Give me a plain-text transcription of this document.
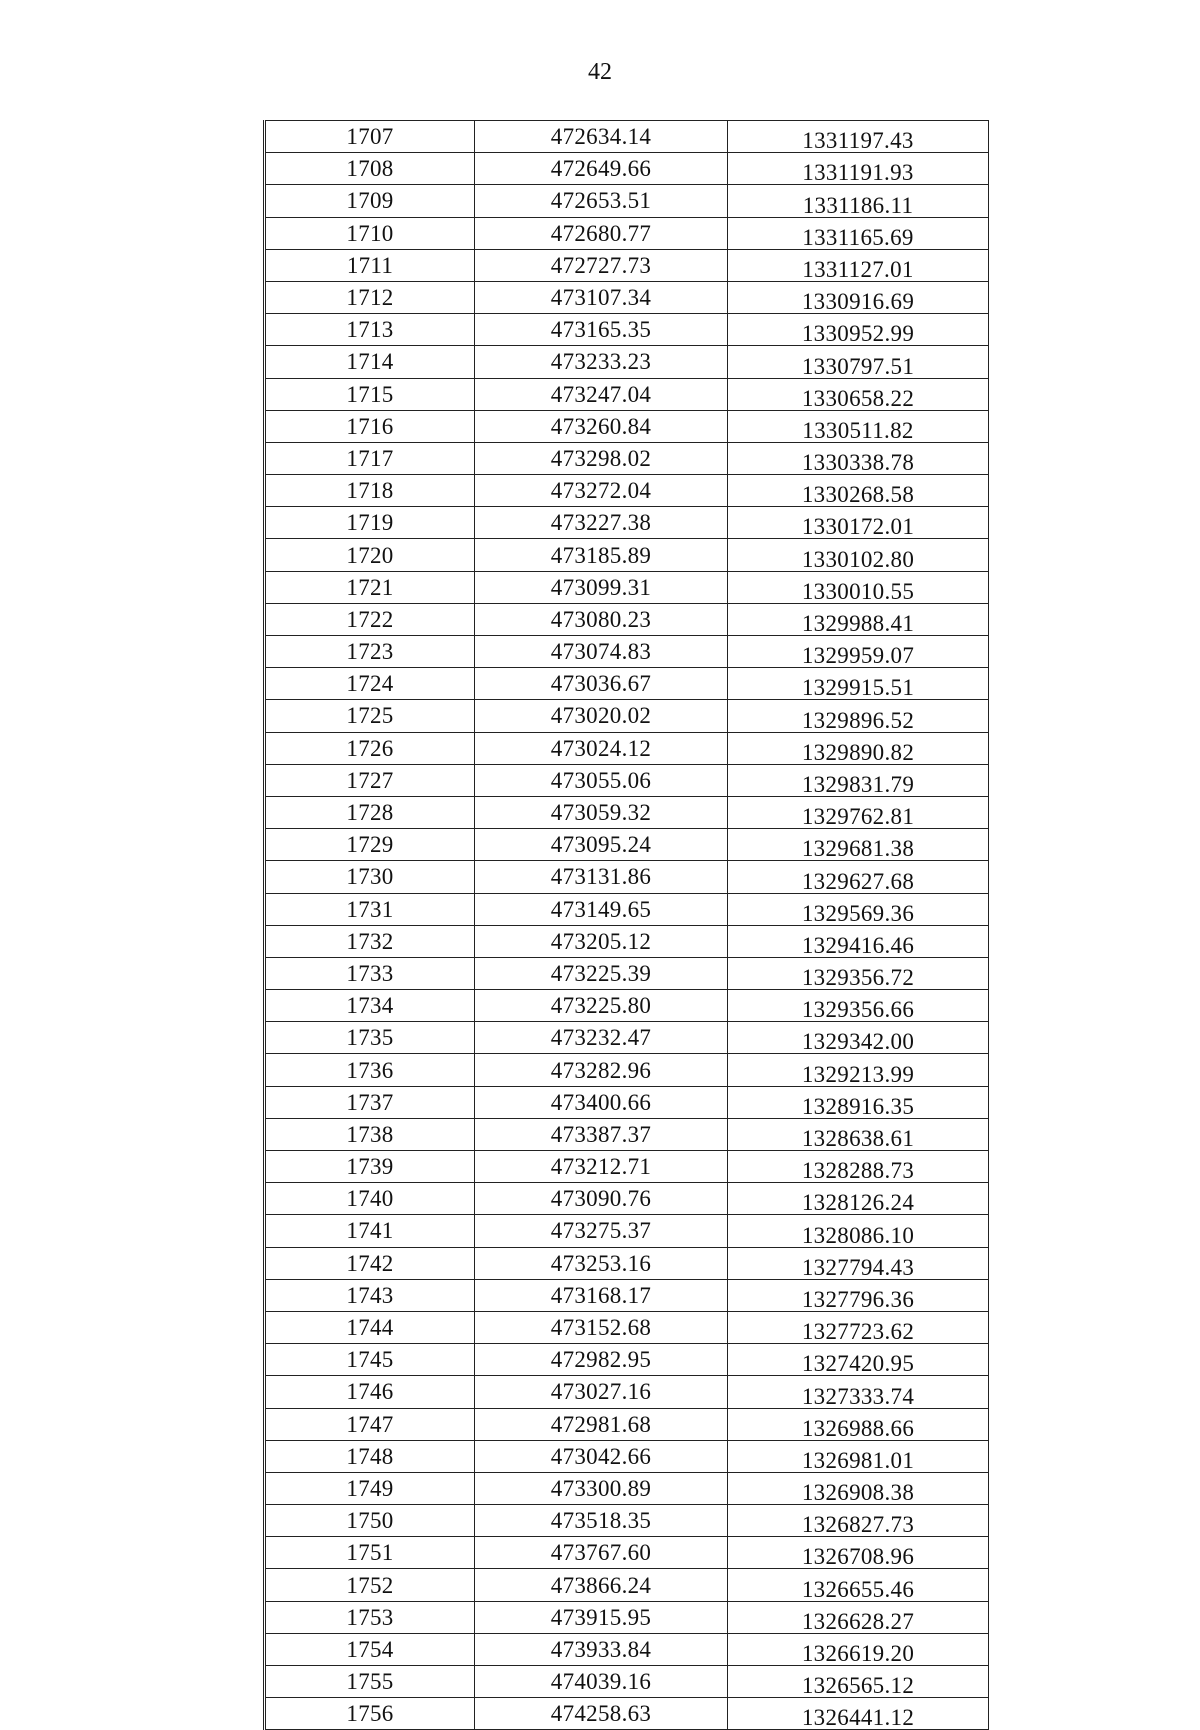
42
1707	472634.14	1331197.43
1708	472649.66	1331191.93
1709	472653.51	1331186.11
1710	472680.77	1331165.69
1711	472727.73	1331127.01
1712	473107.34	1330916.69
1713	473165.35	1330952.99
1714	473233.23	1330797.51
1715	473247.04	1330658.22
1716	473260.84	1330511.82
1717	473298.02	1330338.78
1718	473272.04	1330268.58
1719	473227.38	1330172.01
1720	473185.89	1330102.80
1721	473099.31	1330010.55
1722	473080.23	1329988.41
1723	473074.83	1329959.07
1724	473036.67	1329915.51
1725	473020.02	1329896.52
1726	473024.12	1329890.82
1727	473055.06	1329831.79
1728	473059.32	1329762.81
1729	473095.24	1329681.38
1730	473131.86	1329627.68
1731	473149.65	1329569.36
1732	473205.12	1329416.46
1733	473225.39	1329356.72
1734	473225.80	1329356.66
1735	473232.47	1329342.00
1736	473282.96	1329213.99
1737	473400.66	1328916.35
1738	473387.37	1328638.61
1739	473212.71	1328288.73
1740	473090.76	1328126.24
1741	473275.37	1328086.10
1742	473253.16	1327794.43
1743	473168.17	1327796.36
1744	473152.68	1327723.62
1745	472982.95	1327420.95
1746	473027.16	1327333.74
1747	472981.68	1326988.66
1748	473042.66	1326981.01
1749	473300.89	1326908.38
1750	473518.35	1326827.73
1751	473767.60	1326708.96
1752	473866.24	1326655.46
1753	473915.95	1326628.27
1754	473933.84	1326619.20
1755	474039.16	1326565.12
1756	474258.63	1326441.12
